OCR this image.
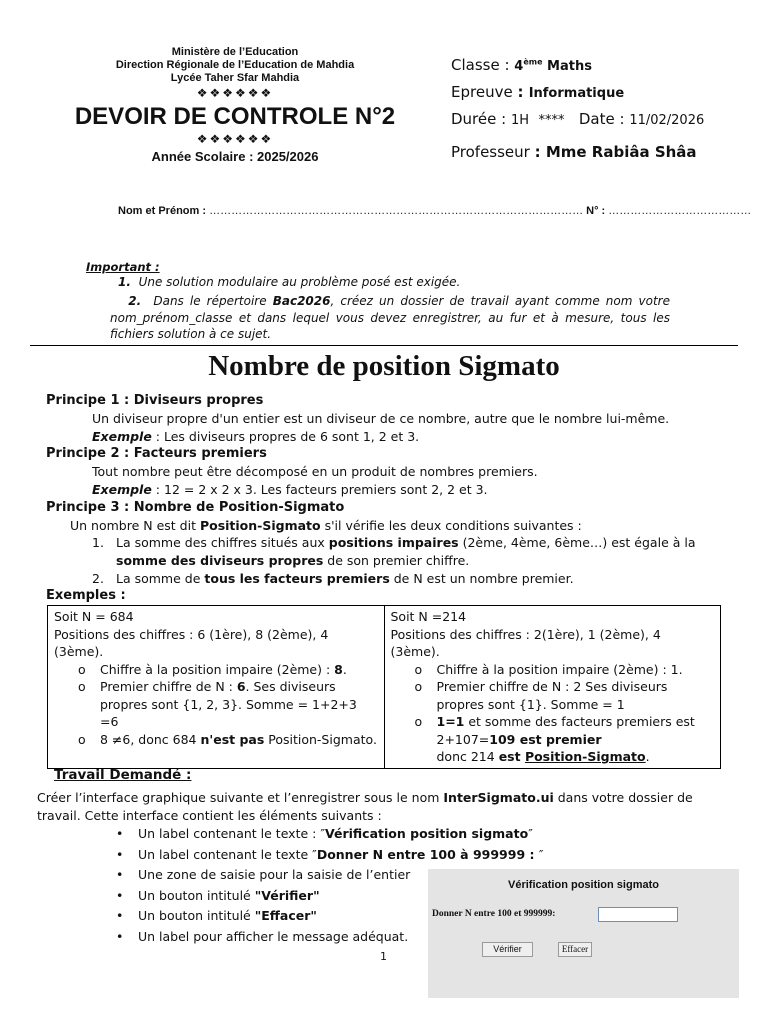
Ministère de l’Education
Direction Régionale de l’Education de Mahdia
Lycée Taher Sfar Mahdia
❖❖❖❖❖❖
DEVOIR DE CONTROLE N°2
❖❖❖❖❖❖
Année Scolaire : 2025/2026
Classe : 4ème Maths
Epreuve : Informatique
Durée : 1H **** Date : 11/02/2026
Professeur : Mme Rabiâa Shâa
Nom et Prénom : ………………………………………………………………………………………… N° : …………………………………
Important :
1. Une solution modulaire au problème posé est exigée.
2. Dans le répertoire Bac2026, créez un dossier de travail ayant comme nom votre nom_prénom_classe et dans lequel vous devez enregistrer, au fur et à mesure, tous les fichiers solution à ce sujet.
Nombre de position Sigmato
Principe 1 : Diviseurs propres
Un diviseur propre d'un entier est un diviseur de ce nombre, autre que le nombre lui-même.
Exemple : Les diviseurs propres de 6 sont 1, 2 et 3.
Principe 2 : Facteurs premiers
Tout nombre peut être décomposé en un produit de nombres premiers.
Exemple : 12 = 2 x 2 x 3. Les facteurs premiers sont 2, 2 et 3.
Principe 3 : Nombre de Position-Sigmato
Un nombre N est dit Position-Sigmato s'il vérifie les deux conditions suivantes :
1. La somme des chiffres situés aux positions impaires (2ème, 4ème, 6ème…) est égale à la somme des diviseurs propres de son premier chiffre.
2. La somme de tous les facteurs premiers de N est un nombre premier.
Exemples :
Soit N = 684
Positions des chiffres : 6 (1ère), 8 (2ème), 4 (3ème).
o Chiffre à la position impaire (2ème) : 8.
o Premier chiffre de N : 6. Ses diviseurs propres sont {1, 2, 3}. Somme = 1+2+3 =6
o 8 ≠6, donc 684 n'est pas Position-Sigmato.

Soit N =214
Positions des chiffres : 2(1ère), 1 (2ème), 4 (3ème).
o Chiffre à la position impaire (2ème) : 1.
o Premier chiffre de N : 2 Ses diviseurs propres sont {1}. Somme = 1
o 1=1 et somme des facteurs premiers est 2+107=109 est premier
donc 214 est Position-Sigmato.
Travail Demandé :
Créer l’interface graphique suivante et l’enregistrer sous le nom InterSigmato.ui dans votre dossier de travail. Cette interface contient les éléments suivants :
• Un label contenant le texte : ″Vérification position sigmato″
• Un label contenant le texte ″Donner N entre 100 à 999999 : ″
• Une zone de saisie pour la saisie de l’entier
• Un bouton intitulé "Vérifier"
• Un bouton intitulé "Effacer"
• Un label pour afficher le message adéquat.
1
Vérification position sigmato
Donner N entre 100 et 999999:
Vérifier	Effacer
